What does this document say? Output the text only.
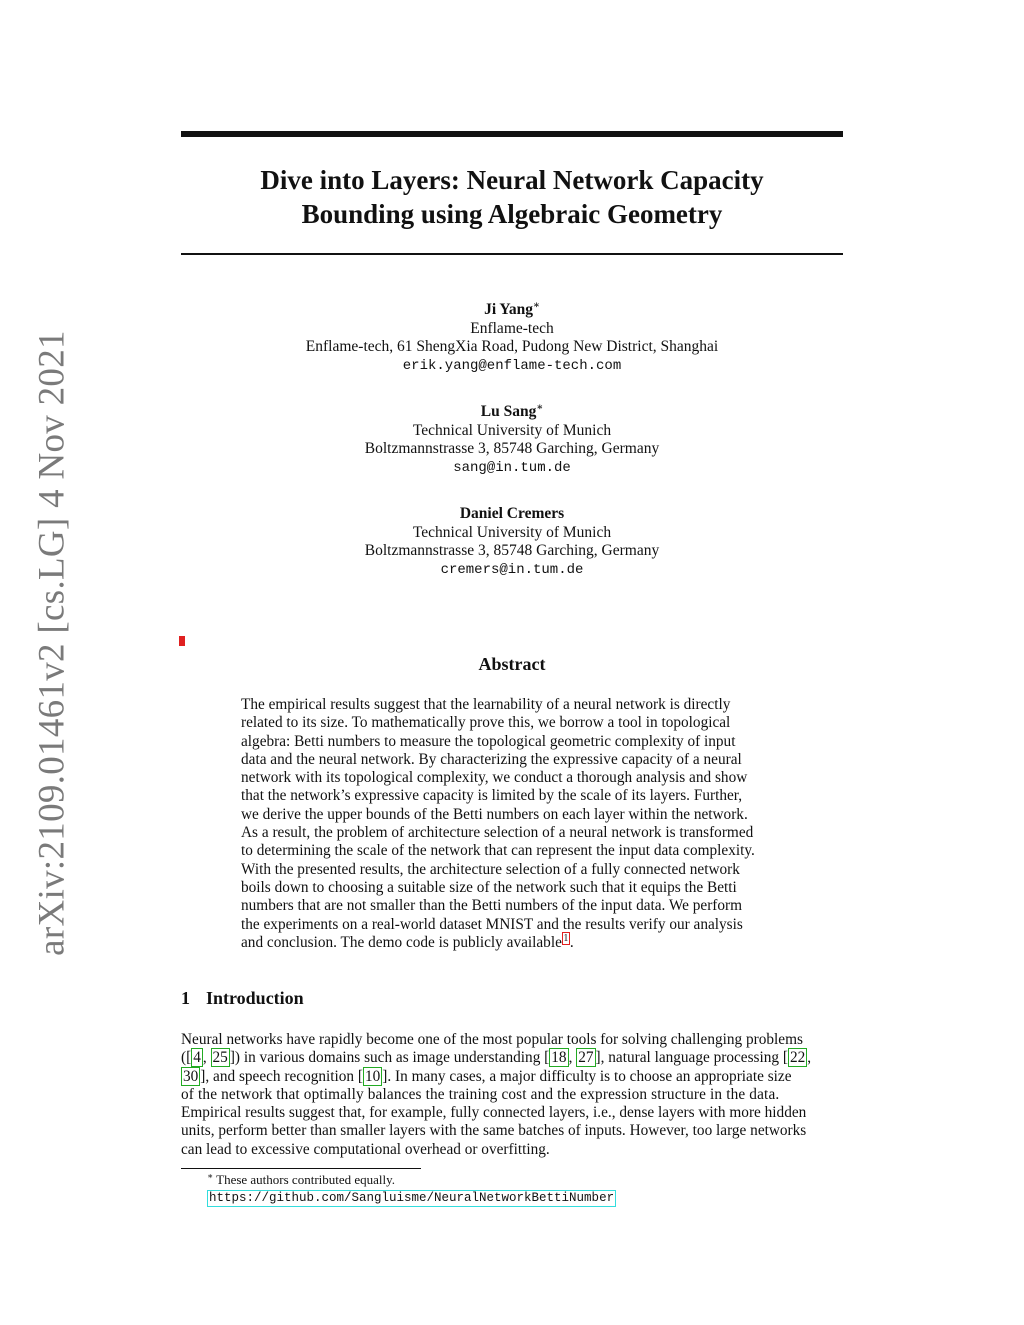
arXiv:2109.01461v2 [cs.LG] 4 Nov 2021
Dive into Layers: Neural Network Capacity
Bounding using Algebraic Geometry
Ji Yang∗
Enflame-tech
Enflame-tech, 61 ShengXia Road, Pudong New District, Shanghai
erik.yang@enflame-tech.com
Lu Sang∗
Technical University of Munich
Boltzmannstrasse 3, 85748 Garching, Germany
sang@in.tum.de
Daniel Cremers
Technical University of Munich
Boltzmannstrasse 3, 85748 Garching, Germany
cremers@in.tum.de
Abstract
The empirical results suggest that the learnability of a neural network is directly
related to its size. To mathematically prove this, we borrow a tool in topological
algebra: Betti numbers to measure the topological geometric complexity of input
data and the neural network. By characterizing the expressive capacity of a neural
network with its topological complexity, we conduct a thorough analysis and show
that the network’s expressive capacity is limited by the scale of its layers. Further,
we derive the upper bounds of the Betti numbers on each layer within the network.
As a result, the problem of architecture selection of a neural network is transformed
to determining the scale of the network that can represent the input data complexity.
With the presented results, the architecture selection of a fully connected network
boils down to choosing a suitable size of the network such that it equips the Betti
numbers that are not smaller than the Betti numbers of the input data. We perform
the experiments on a real-world dataset MNIST and the results verify our analysis
and conclusion. The demo code is publicly available $^1$.
1 Introduction
Neural networks have rapidly become one of the most popular tools for solving challenging problems
([ 4 , 25 ]) in various domains such as image understanding [ 18 , 27 ], natural language processing [ 22 ,
30 ], and speech recognition [ 10 ]. In many cases, a major difficulty is to choose an appropriate size
of the network that optimally balances the training cost and the expression structure in the data.
Empirical results suggest that, for example, fully connected layers, i.e., dense layers with more hidden
units, perform better than smaller layers with the same batches of inputs. However, too large networks
can lead to excessive computational overhead or overfitting.
∗ These authors contributed equally.
https://github.com/Sangluisme/NeuralNetworkBettiNumber
